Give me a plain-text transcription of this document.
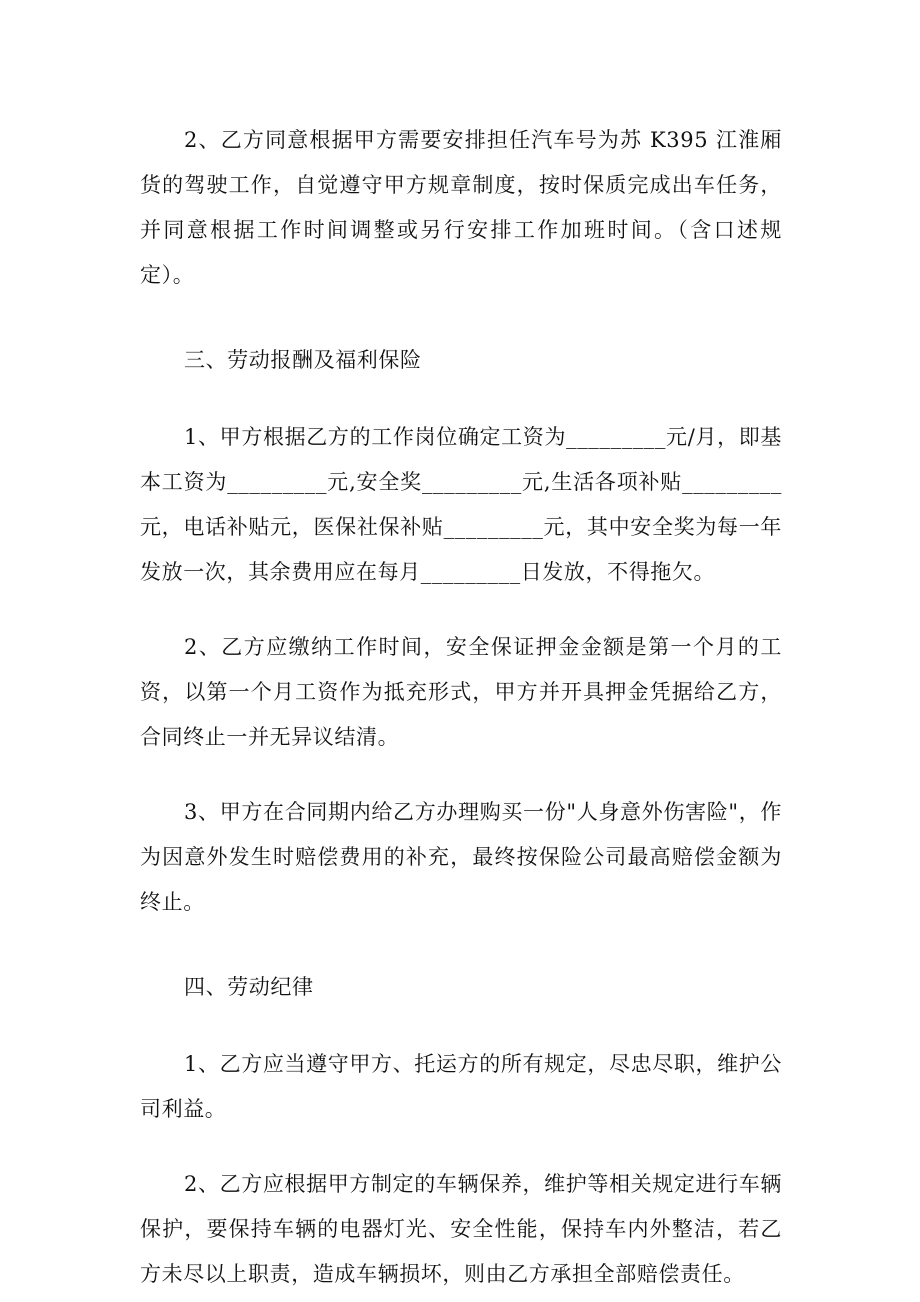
2、乙方同意根据甲方需要安排担任汽车号为苏 K395 江淮厢货的驾驶工作，自觉遵守甲方规章制度，按时保质完成出车任务，并同意根据工作时间调整或另行安排工作加班时间。（含口述规定）。

三、劳动报酬及福利保险

1、甲方根据乙方的工作岗位确定工资为_________元/月，即基本工资为_________元,安全奖_________元,生活各项补贴_________元，电话补贴元，医保社保补贴_________元，其中安全奖为每一年发放一次，其余费用应在每月_________日发放，不得拖欠。

2、乙方应缴纳工作时间，安全保证押金金额是第一个月的工资，以第一个月工资作为抵充形式，甲方并开具押金凭据给乙方，合同终止一并无异议结清。

3、甲方在合同期内给乙方办理购买一份"人身意外伤害险"，作为因意外发生时赔偿费用的补充，最终按保险公司最高赔偿金额为终止。

四、劳动纪律

1、乙方应当遵守甲方、托运方的所有规定，尽忠尽职，维护公司利益。

2、乙方应根据甲方制定的车辆保养，维护等相关规定进行车辆保护，要保持车辆的电器灯光、安全性能，保持车内外整洁，若乙方未尽以上职责，造成车辆损坏，则由乙方承担全部赔偿责任。
